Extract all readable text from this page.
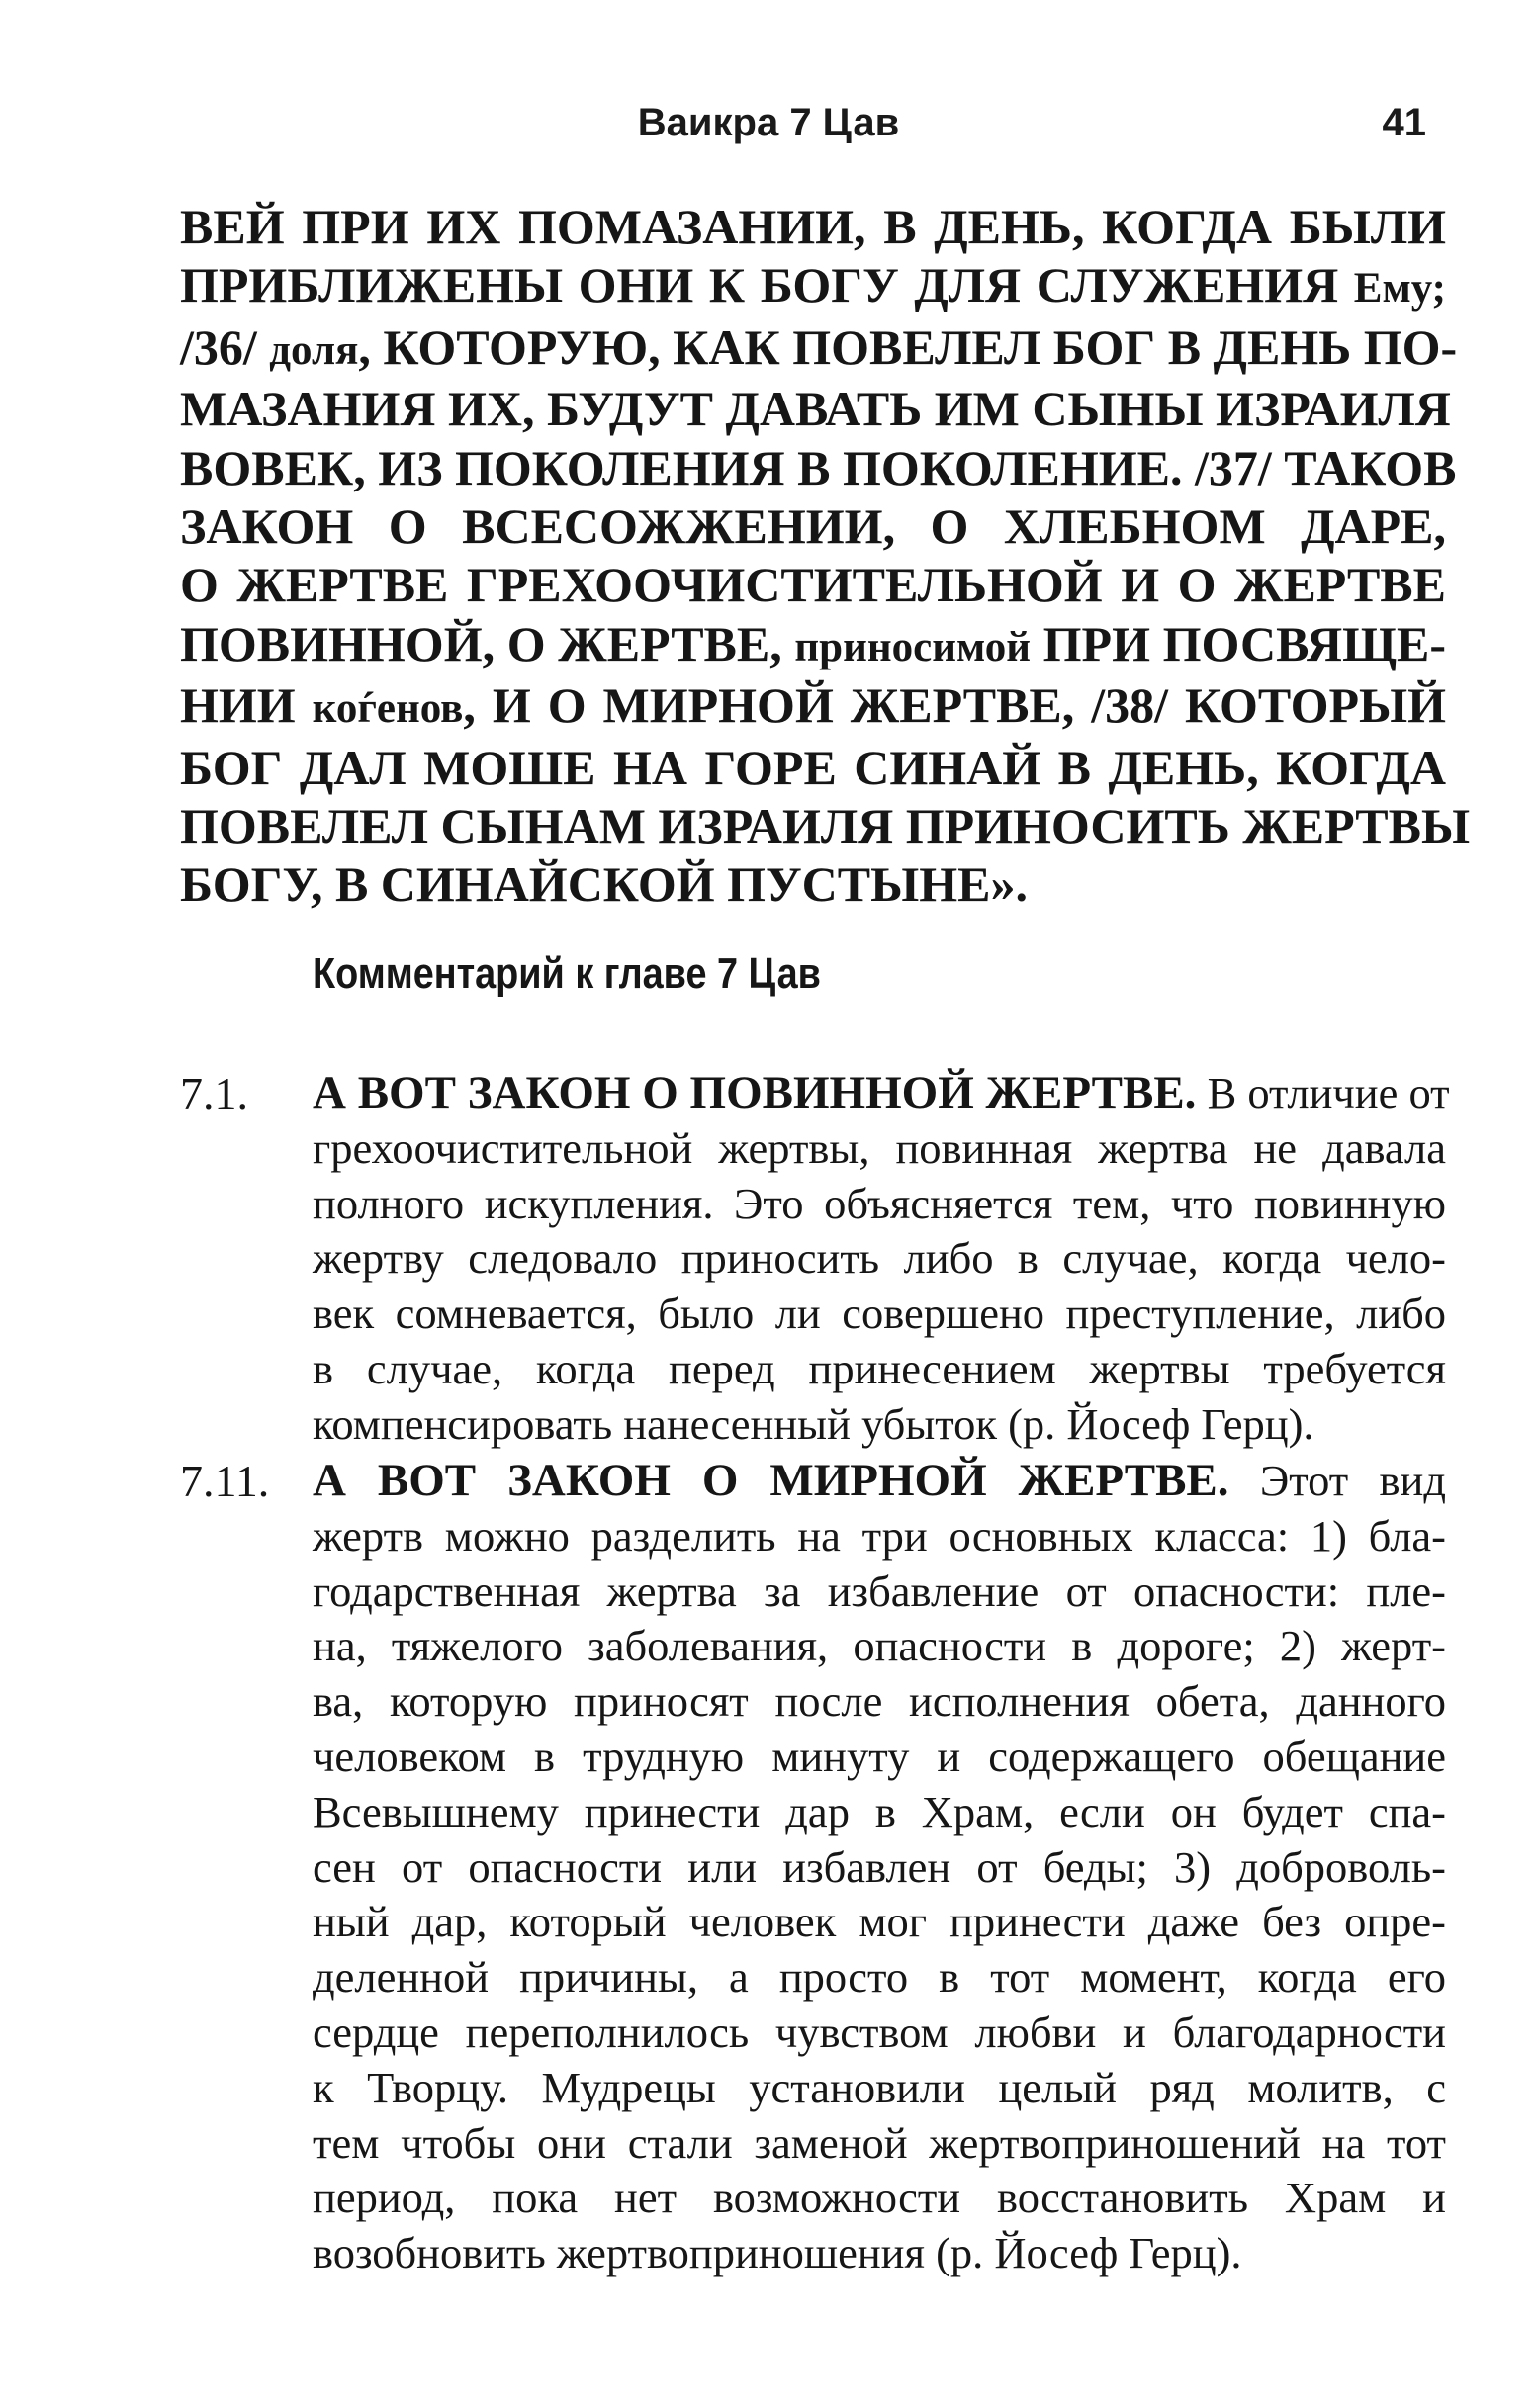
Ваикра 7 Цав	41
ВЕЙ ПРИ ИХ ПОМАЗАНИИ, В ДЕНЬ, КОГДА БЫЛИ
ПРИБЛИЖЕНЫ ОНИ К БОГУ ДЛЯ СЛУЖЕНИЯ Ему;
/36/ доля, КОТОРУЮ, КАК ПОВЕЛЕЛ БОГ В ДЕНЬ ПО-
МАЗАНИЯ ИХ, БУДУТ ДАВАТЬ ИМ СЫНЫ ИЗРАИЛЯ
ВОВЕК, ИЗ ПОКОЛЕНИЯ В ПОКОЛЕНИЕ. /37/ ТАКОВ
ЗАКОН О ВСЕСОЖЖЕНИИ, О ХЛЕБНОМ ДАРЕ,
О ЖЕРТВЕ ГРЕХООЧИСТИТЕЛЬНОЙ И О ЖЕРТВЕ
ПОВИННОЙ, О ЖЕРТВЕ, приносимой ПРИ ПОСВЯЩЕ-
НИИ коѓенов, И О МИРНОЙ ЖЕРТВЕ, /38/ КОТОРЫЙ
БОГ ДАЛ МОШЕ НА ГОРЕ СИНАЙ В ДЕНЬ, КОГДА
ПОВЕЛЕЛ СЫНАМ ИЗРАИЛЯ ПРИНОСИТЬ ЖЕРТВЫ
БОГУ, В СИНАЙСКОЙ ПУСТЫНЕ».
Комментарий к главе 7 Цав
7.1. А ВОТ ЗАКОН О ПОВИННОЙ ЖЕРТВЕ. В отличие от
грехоочистительной жертвы, повинная жертва не давала
полного искупления. Это объясняется тем, что повинную
жертву следовало приносить либо в случае, когда чело-
век сомневается, было ли совершено преступление, либо
в случае, когда перед принесением жертвы требуется
компенсировать нанесенный убыток (р. Йосеф Герц).
7.11. А ВОТ ЗАКОН О МИРНОЙ ЖЕРТВЕ. Этот вид
жертв можно разделить на три основных класса: 1) бла-
годарственная жертва за избавление от опасности: пле-
на, тяжелого заболевания, опасности в дороге; 2) жерт-
ва, которую приносят после исполнения обета, данного
человеком в трудную минуту и содержащего обещание
Всевышнему принести дар в Храм, если он будет спа-
сен от опасности или избавлен от беды; 3) доброволь-
ный дар, который человек мог принести даже без опре-
деленной причины, а просто в тот момент, когда его
сердце переполнилось чувством любви и благодарности
к Творцу. Мудрецы установили целый ряд молитв, с
тем чтобы они стали заменой жертвоприношений на тот
период, пока нет возможности восстановить Храм и
возобновить жертвоприношения (р. Йосеф Герц).
